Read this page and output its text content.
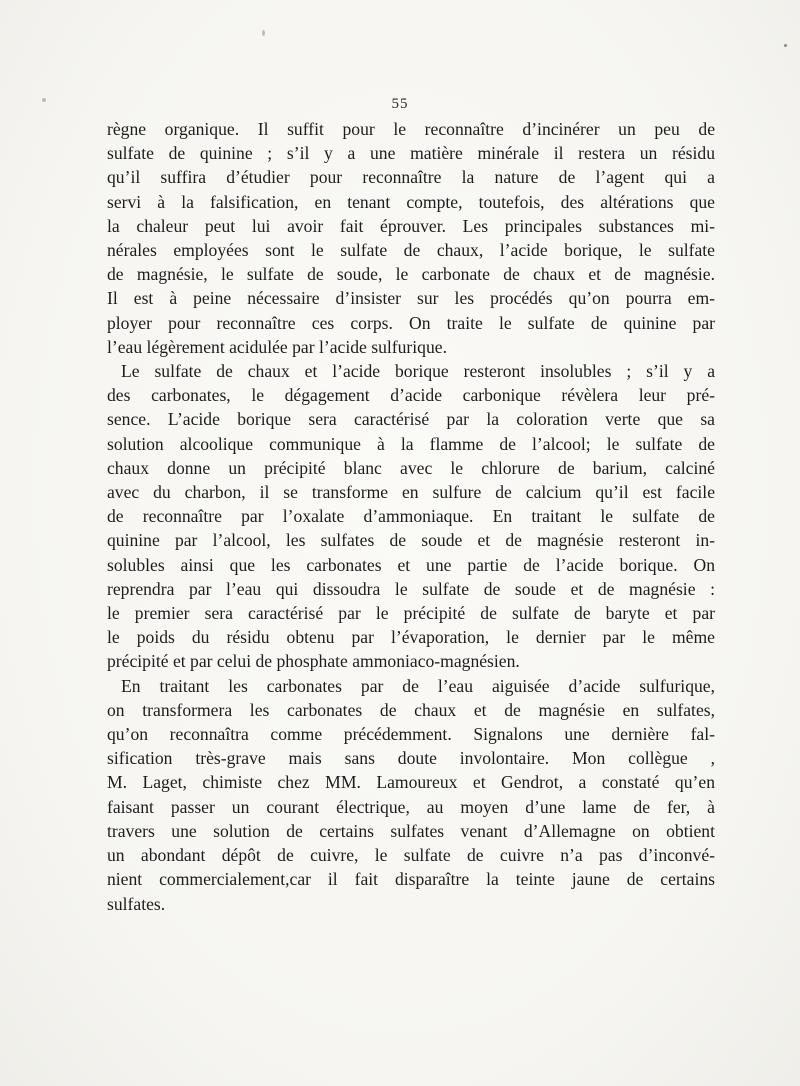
55

règne organique. Il suffit pour le reconnaître d’incinérer un peu de
sulfate de quinine ; s’il y a une matière minérale il restera un résidu
qu’il suffira d’étudier pour reconnaître la nature de l’agent qui a
servi à la falsification, en tenant compte, toutefois, des altérations que
la chaleur peut lui avoir fait éprouver. Les principales substances mi-
nérales employées sont le sulfate de chaux, l’acide borique, le sulfate
de magnésie, le sulfate de soude, le carbonate de chaux et de magnésie.
Il est à peine nécessaire d’insister sur les procédés qu’on pourra em-
ployer pour reconnaître ces corps. On traite le sulfate de quinine par
l’eau légèrement acidulée par l’acide sulfurique.

Le sulfate de chaux et l’acide borique resteront insolubles ; s’il y a
des carbonates, le dégagement d’acide carbonique révèlera leur pré-
sence. L’acide borique sera caractérisé par la coloration verte que sa
solution alcoolique communique à la flamme de l’alcool; le sulfate de
chaux donne un précipité blanc avec le chlorure de barium, calciné
avec du charbon, il se transforme en sulfure de calcium qu’il est facile
de reconnaître par l’oxalate d’ammoniaque. En traitant le sulfate de
quinine par l’alcool, les sulfates de soude et de magnésie resteront in-
solubles ainsi que les carbonates et une partie de l’acide borique. On
reprendra par l’eau qui dissoudra le sulfate de soude et de magnésie :
le premier sera caractérisé par le précipité de sulfate de baryte et par
le poids du résidu obtenu par l’évaporation, le dernier par le même
précipité et par celui de phosphate ammoniaco-magnésien.

En traitant les carbonates par de l’eau aiguisée d’acide sulfurique,
on transformera les carbonates de chaux et de magnésie en sulfates,
qu’on reconnaîtra comme précédemment. Signalons une dernière fal-
sification très-grave mais sans doute involontaire. Mon collègue ,
M. Laget, chimiste chez MM. Lamoureux et Gendrot, a constaté qu’en
faisant passer un courant électrique, au moyen d’une lame de fer, à
travers une solution de certains sulfates venant d’Allemagne on obtient
un abondant dépôt de cuivre, le sulfate de cuivre n’a pas d’inconvé-
nient commercialement,car il fait disparaître la teinte jaune de certains
sulfates.
